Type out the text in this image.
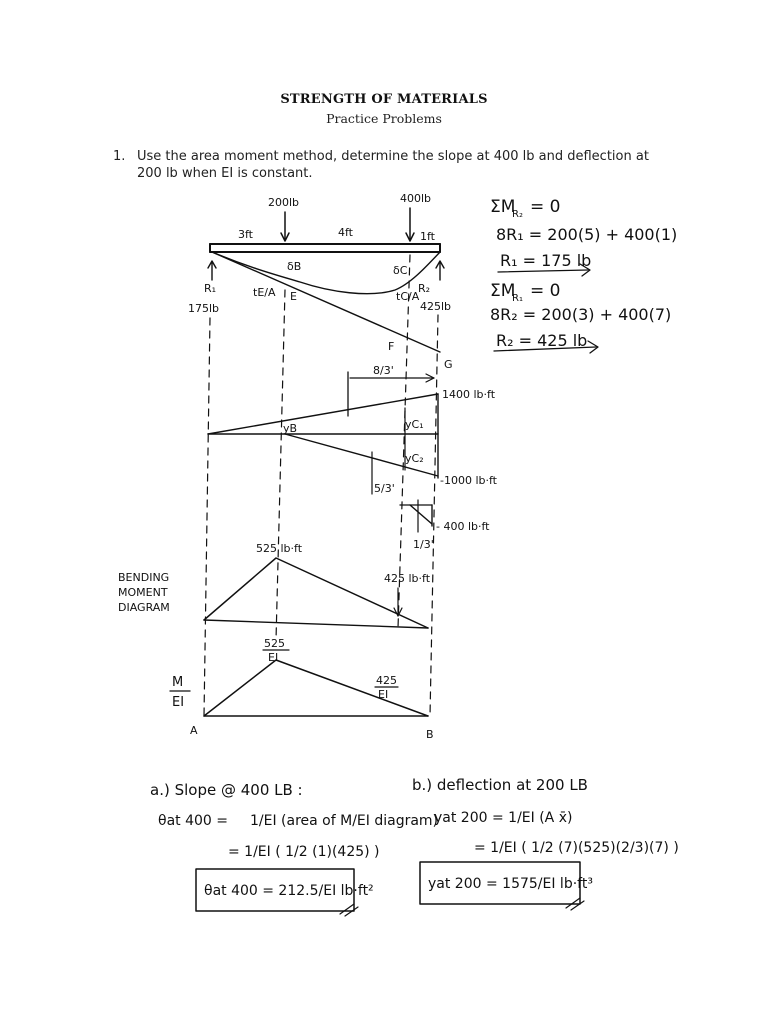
STRENGTH OF MATERIALS
Practice Problems
1. Use the area moment method, determine the slope at 400 lb and deflection at
200 lb when EI is constant.
200lb	400lb
3ft	4ft	1ft
R₁
175lb
R₂
425lb
δB	δC
tE/A	tC/A
E
F
G
ΣM
R₂ = 0
8R₁ = 200(5) + 400(1)
R₁ = 175 lb
ΣM
R₁ = 0
8R₂ = 200(3) + 400(7)
R₂ = 425 lb
8/3'
1400 lb·ft
yB	yC₁
yC₂
-1000 lb·ft
5/3'
- 400 lb·ft
1/3'
BENDING
MOMENT
DIAGRAM
525 lb·ft
425 lb·ft
M
EI
525
EI
425
EI
A	B
a.) Slope @ 400 LB :
θat 400 = 1/EI (area of M/EI diagram)
= 1/EI ( 1/2 (1)(425) )
θat 400 = 212.5/EI lb·ft²
b.) deflection at 200 LB
yat 200 = 1/EI (A x̄)
= 1/EI ( 1/2 (7)(525)(2/3)(7) )
yat 200 = 1575/EI lb·ft³
